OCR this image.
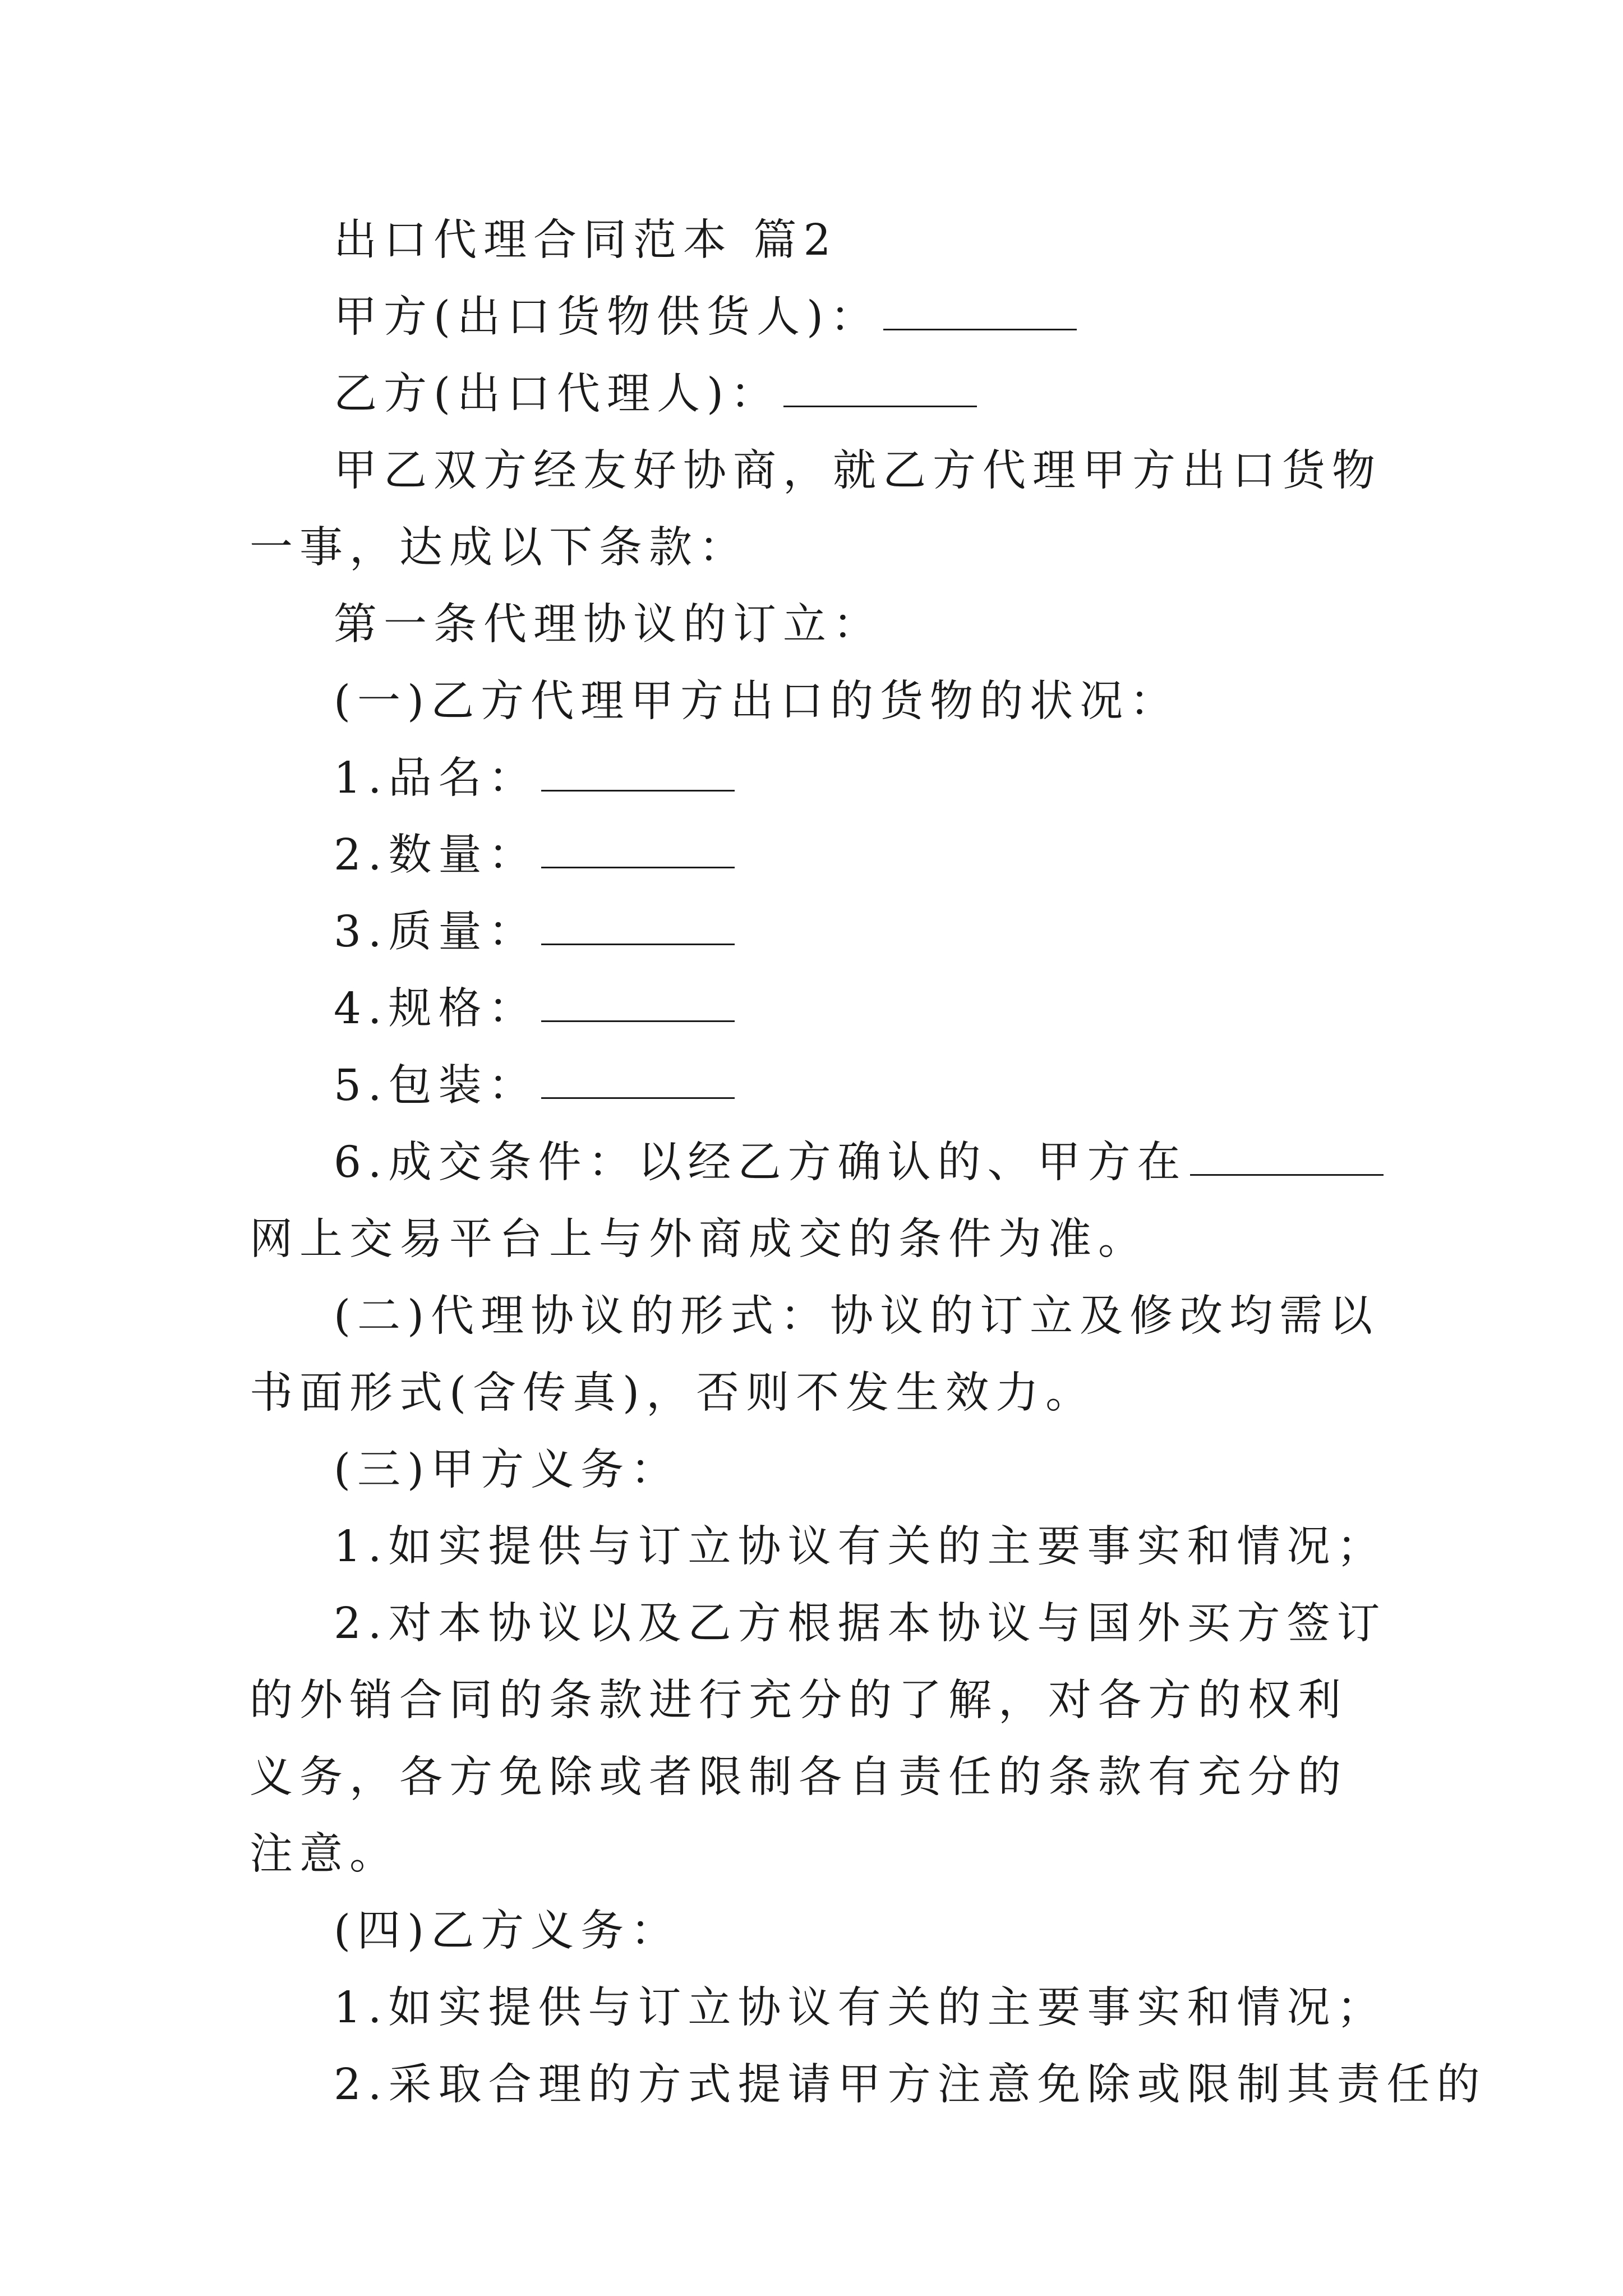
出口代理合同范本 篇2

甲方(出口货物供货人)：

乙方(出口代理人)：

甲乙双方经友好协商，就乙方代理甲方出口货物一事，达成以下条款：

第一条代理协议的订立：

(一)乙方代理甲方出口的货物的状况：

1.品名：

2.数量：

3.质量：

4.规格：

5.包装：

6.成交条件：以经乙方确认的、甲方在网上交易平台上与外商成交的条件为准。

(二)代理协议的形式：协议的订立及修改均需以书面形式(含传真)，否则不发生效力。

(三)甲方义务：

1.如实提供与订立协议有关的主要事实和情况；

2.对本协议以及乙方根据本协议与国外买方签订的外销合同的条款进行充分的了解，对各方的权利义务，各方免除或者限制各自责任的条款有充分的注意。

(四)乙方义务：

1.如实提供与订立协议有关的主要事实和情况；

2.采取合理的方式提请甲方注意免除或限制其责任的
